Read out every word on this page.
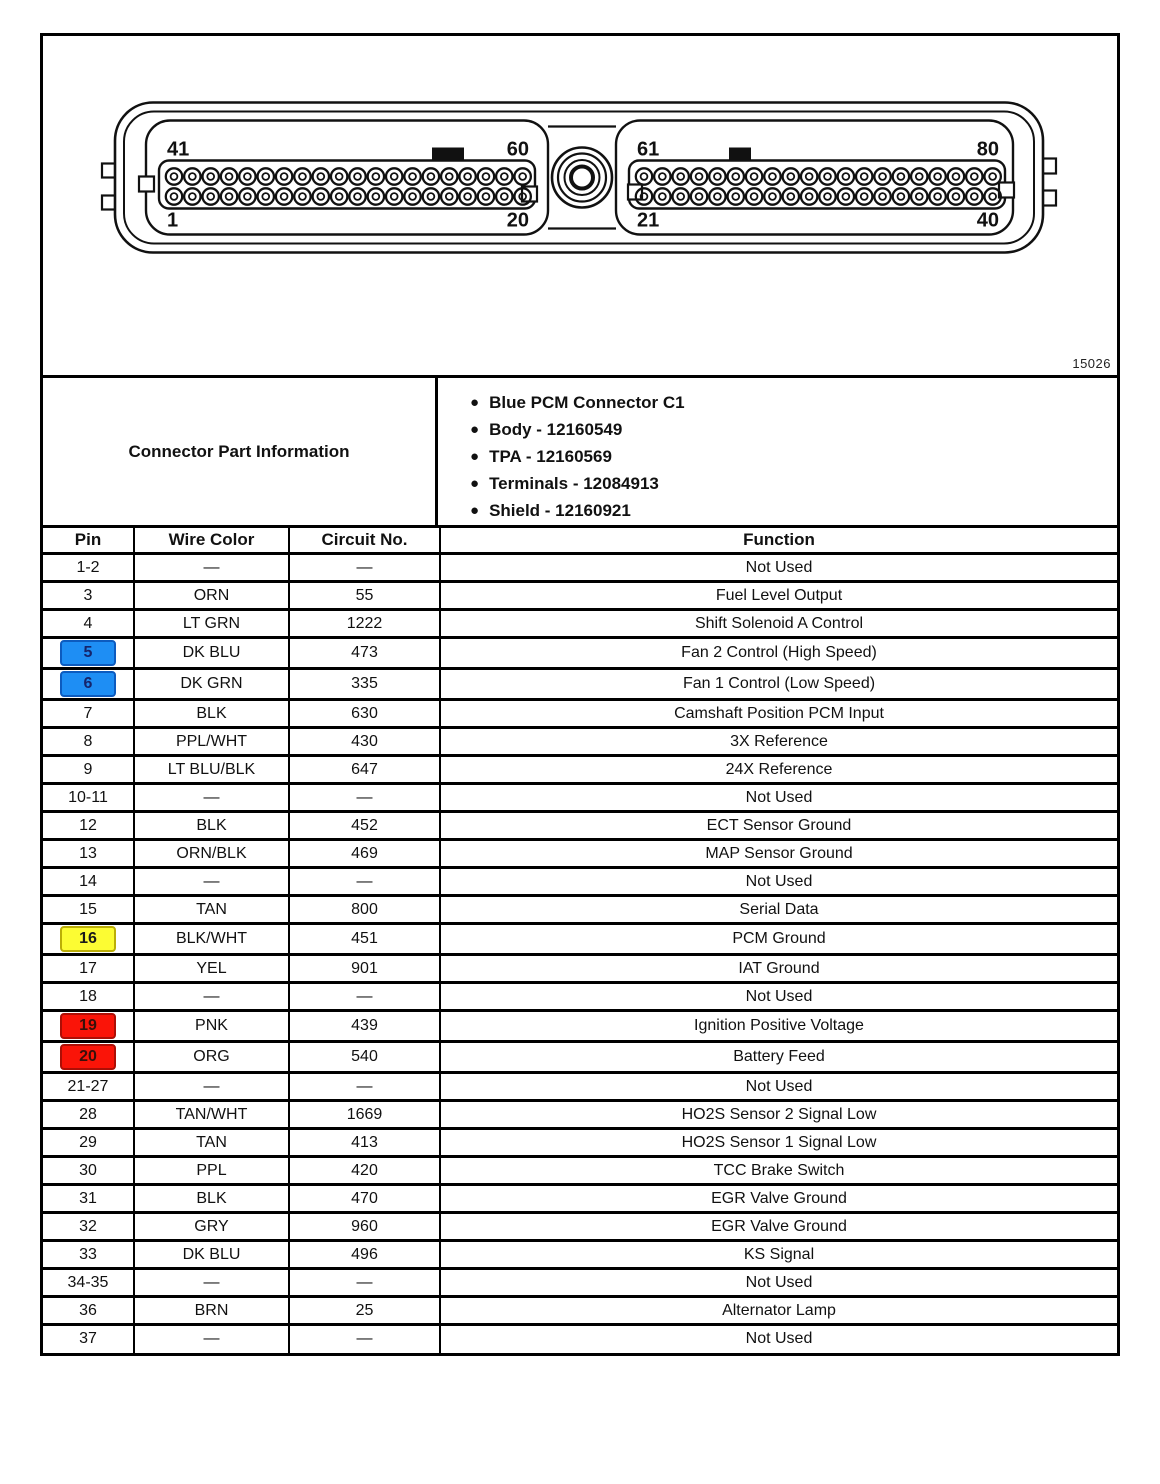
41	60
1	20
61	80
21	40
15026
Connector Part Information
● Blue PCM Connector C1
● Body - 12160549
● TPA - 12160569
● Terminals - 12084913
● Shield - 12160921
Pin	Wire Color	Circuit No.	Function
1-2	—	—	Not Used
3	ORN	55	Fuel Level Output
4	LT GRN	1222	Shift Solenoid A Control
5	DK BLU	473	Fan 2 Control (High Speed)
6	DK GRN	335	Fan 1 Control (Low Speed)
7	BLK	630	Camshaft Position PCM Input
8	PPL/WHT	430	3X Reference
9	LT BLU/BLK	647	24X Reference
10-11	—	—	Not Used
12	BLK	452	ECT Sensor Ground
13	ORN/BLK	469	MAP Sensor Ground
14	—	—	Not Used
15	TAN	800	Serial Data
16	BLK/WHT	451	PCM Ground
17	YEL	901	IAT Ground
18	—	—	Not Used
19	PNK	439	Ignition Positive Voltage
20	ORG	540	Battery Feed
21-27	—	—	Not Used
28	TAN/WHT	1669	HO2S Sensor 2 Signal Low
29	TAN	413	HO2S Sensor 1 Signal Low
30	PPL	420	TCC Brake Switch
31	BLK	470	EGR Valve Ground
32	GRY	960	EGR Valve Ground
33	DK BLU	496	KS Signal
34-35	—	—	Not Used
36	BRN	25	Alternator Lamp
37	—	—	Not Used
